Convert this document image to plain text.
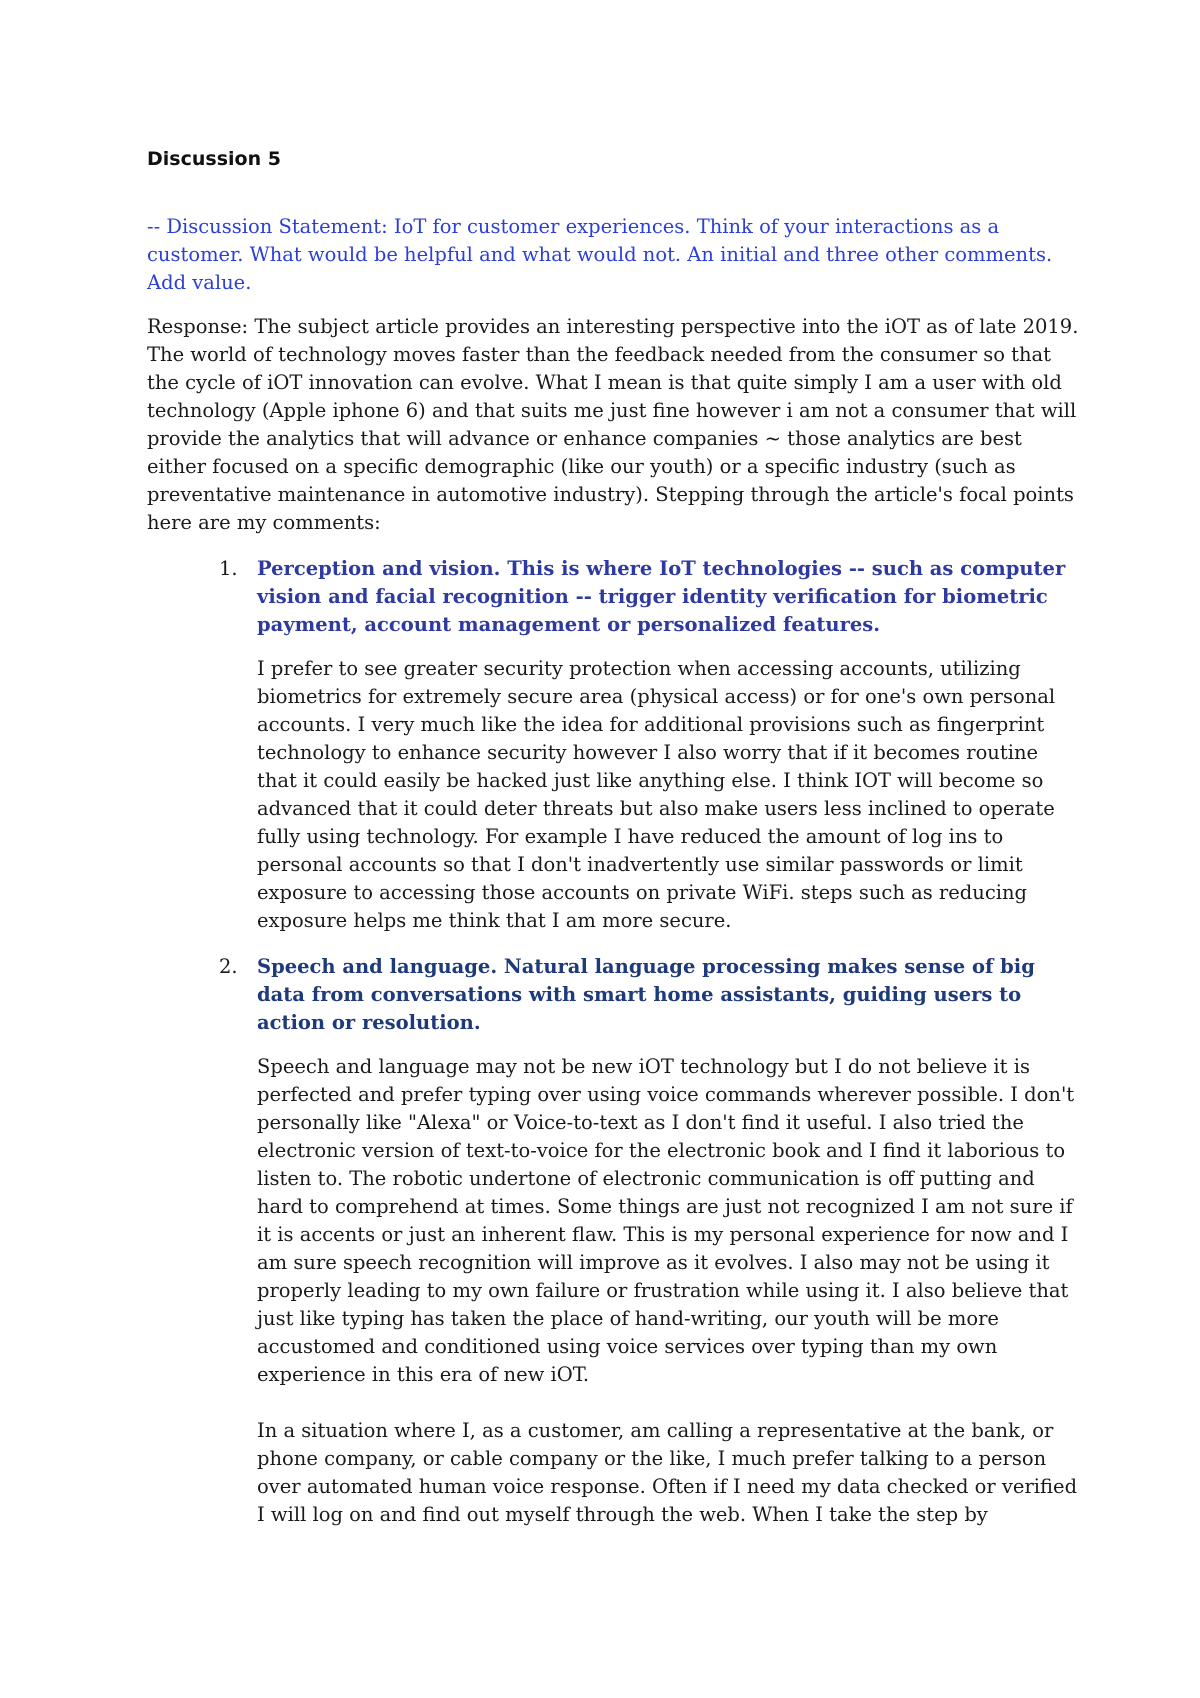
Discussion 5

-- Discussion Statement: IoT for customer experiences. Think of your interactions as a customer. What would be helpful and what would not. An initial and three other comments. Add value.

Response: The subject article provides an interesting perspective into the iOT as of late 2019. The world of technology moves faster than the feedback needed from the consumer so that the cycle of iOT innovation can evolve. What I mean is that quite simply I am a user with old technology (Apple iphone 6) and that suits me just fine however i am not a consumer that will provide the analytics that will advance or enhance companies ~ those analytics are best either focused on a specific demographic (like our youth) or a specific industry (such as preventative maintenance in automotive industry). Stepping through the article's focal points here are my comments:

1. Perception and vision. This is where IoT technologies -- such as computer vision and facial recognition -- trigger identity verification for biometric payment, account management or personalized features.

I prefer to see greater security protection when accessing accounts, utilizing biometrics for extremely secure area (physical access) or for one's own personal accounts. I very much like the idea for additional provisions such as fingerprint technology to enhance security however I also worry that if it becomes routine that it could easily be hacked just like anything else. I think IOT will become so advanced that it could deter threats but also make users less inclined to operate fully using technology. For example I have reduced the amount of log ins to personal accounts so that I don't inadvertently use similar passwords or limit exposure to accessing those accounts on private WiFi. steps such as reducing exposure helps me think that I am more secure.

2. Speech and language. Natural language processing makes sense of big data from conversations with smart home assistants, guiding users to action or resolution.

Speech and language may not be new iOT technology but I do not believe it is perfected and prefer typing over using voice commands wherever possible. I don't personally like "Alexa" or Voice-to-text as I don't find it useful. I also tried the electronic version of text-to-voice for the electronic book and I find it laborious to listen to. The robotic undertone of electronic communication is off putting and hard to comprehend at times. Some things are just not recognized I am not sure if it is accents or just an inherent flaw. This is my personal experience for now and I am sure speech recognition will improve as it evolves. I also may not be using it properly leading to my own failure or frustration while using it. I also believe that just like typing has taken the place of hand-writing, our youth will be more accustomed and conditioned using voice services over typing than my own experience in this era of new iOT.

In a situation where I, as a customer, am calling a representative at the bank, or phone company, or cable company or the like, I much prefer talking to a person over automated human voice response. Often if I need my data checked or verified I will log on and find out myself through the web. When I take the step by
